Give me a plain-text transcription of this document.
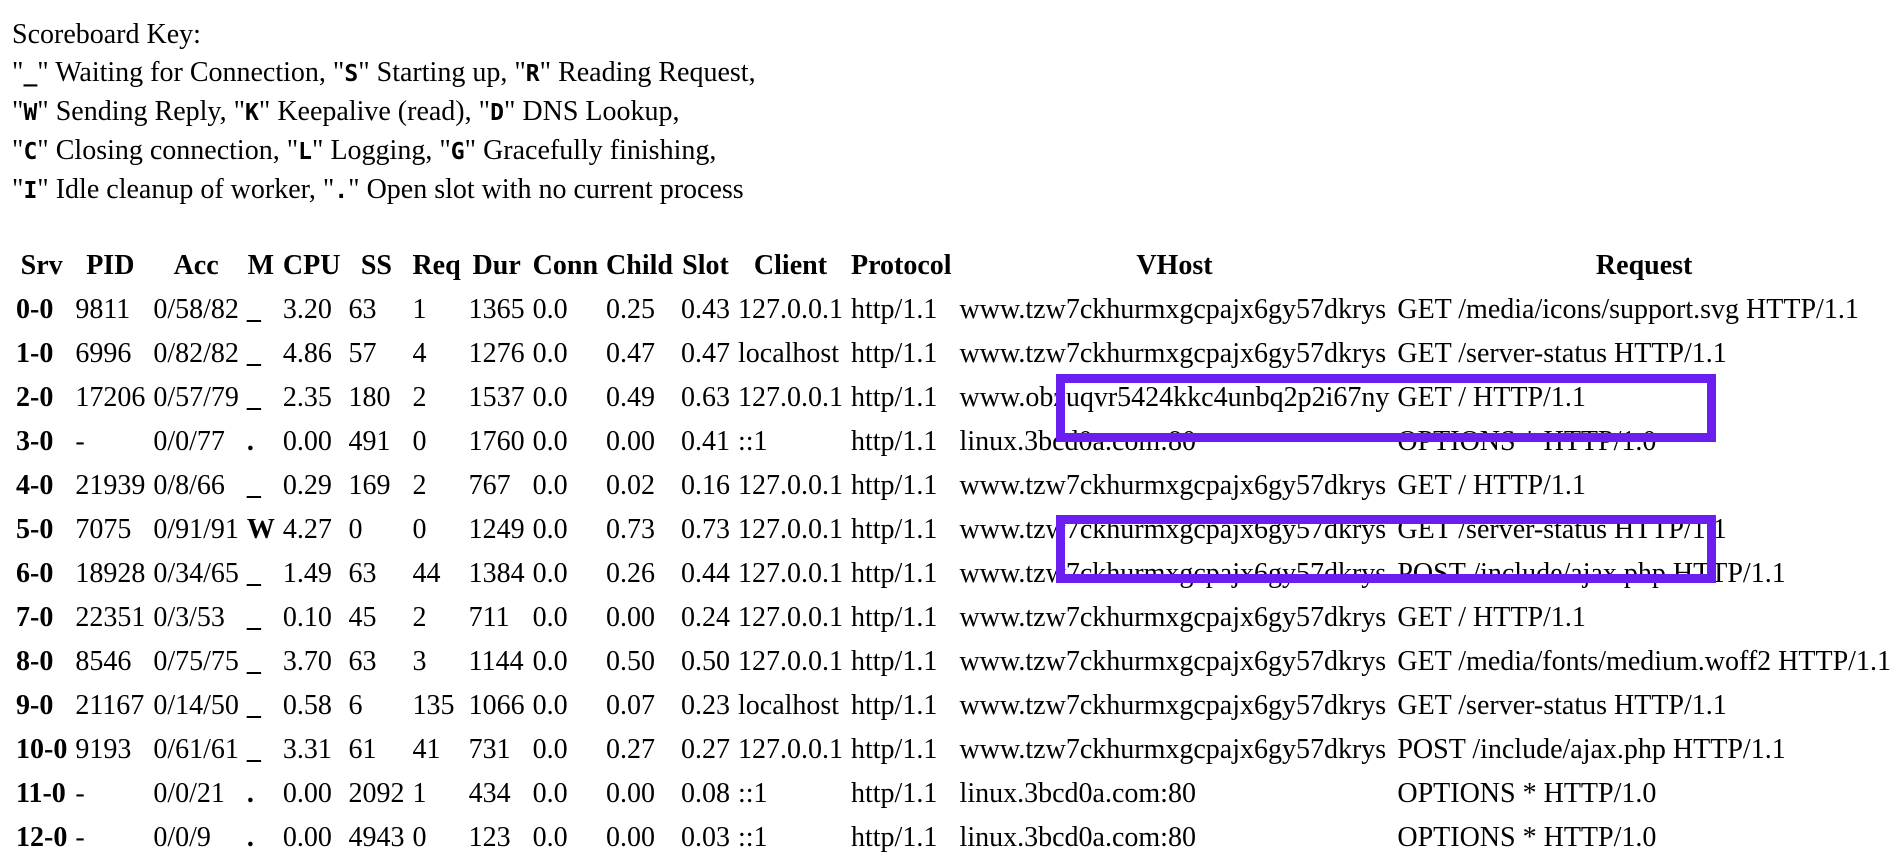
Scoreboard Key:
"_" Waiting for Connection, "S" Starting up, "R" Reading Request,
"W" Sending Reply, "K" Keepalive (read), "D" DNS Lookup,
"C" Closing connection, "L" Logging, "G" Gracefully finishing,
"I" Idle cleanup of worker, "." Open slot with no current process
Srv	PID	Acc	M	CPU	SS	Req	Dur	Conn	Child	Slot	Client	Protocol	VHost	Request
0-0	9811	0/58/82	_	3.20	63	1	1365	0.0	0.25	0.43	127.0.0.1	http/1.1	www.tzw7ckhurmxgcpajx6gy57dkrys	GET /media/icons/support.svg HTTP/1.1
1-0	6996	0/82/82	_	4.86	57	4	1276	0.0	0.47	0.47	localhost	http/1.1	www.tzw7ckhurmxgcpajx6gy57dkrys	GET /server-status HTTP/1.1
2-0	17206	0/57/79	_	2.35	180	2	1537	0.0	0.49	0.63	127.0.0.1	http/1.1	www.obzuqvr5424kkc4unbq2p2i67ny	GET / HTTP/1.1
3-0	-	0/0/77	.	0.00	491	0	1760	0.0	0.00	0.41	::1	http/1.1	linux.3bcd0a.com:80	OPTIONS * HTTP/1.0
4-0	21939	0/8/66	_	0.29	169	2	767	0.0	0.02	0.16	127.0.0.1	http/1.1	www.tzw7ckhurmxgcpajx6gy57dkrys	GET / HTTP/1.1
5-0	7075	0/91/91	W	4.27	0	0	1249	0.0	0.73	0.73	127.0.0.1	http/1.1	www.tzw7ckhurmxgcpajx6gy57dkrys	GET /server-status HTTP/1.1
6-0	18928	0/34/65	_	1.49	63	44	1384	0.0	0.26	0.44	127.0.0.1	http/1.1	www.tzw7ckhurmxgcpajx6gy57dkrys	POST /include/ajax.php HTTP/1.1
7-0	22351	0/3/53	_	0.10	45	2	711	0.0	0.00	0.24	127.0.0.1	http/1.1	www.tzw7ckhurmxgcpajx6gy57dkrys	GET / HTTP/1.1
8-0	8546	0/75/75	_	3.70	63	3	1144	0.0	0.50	0.50	127.0.0.1	http/1.1	www.tzw7ckhurmxgcpajx6gy57dkrys	GET /media/fonts/medium.woff2 HTTP/1.1
9-0	21167	0/14/50	_	0.58	6	135	1066	0.0	0.07	0.23	localhost	http/1.1	www.tzw7ckhurmxgcpajx6gy57dkrys	GET /server-status HTTP/1.1
10-0	9193	0/61/61	_	3.31	61	41	731	0.0	0.27	0.27	127.0.0.1	http/1.1	www.tzw7ckhurmxgcpajx6gy57dkrys	POST /include/ajax.php HTTP/1.1
11-0	-	0/0/21	.	0.00	2092	1	434	0.0	0.00	0.08	::1	http/1.1	linux.3bcd0a.com:80	OPTIONS * HTTP/1.0
12-0	-	0/0/9	.	0.00	4943	0	123	0.0	0.00	0.03	::1	http/1.1	linux.3bcd0a.com:80	OPTIONS * HTTP/1.0
